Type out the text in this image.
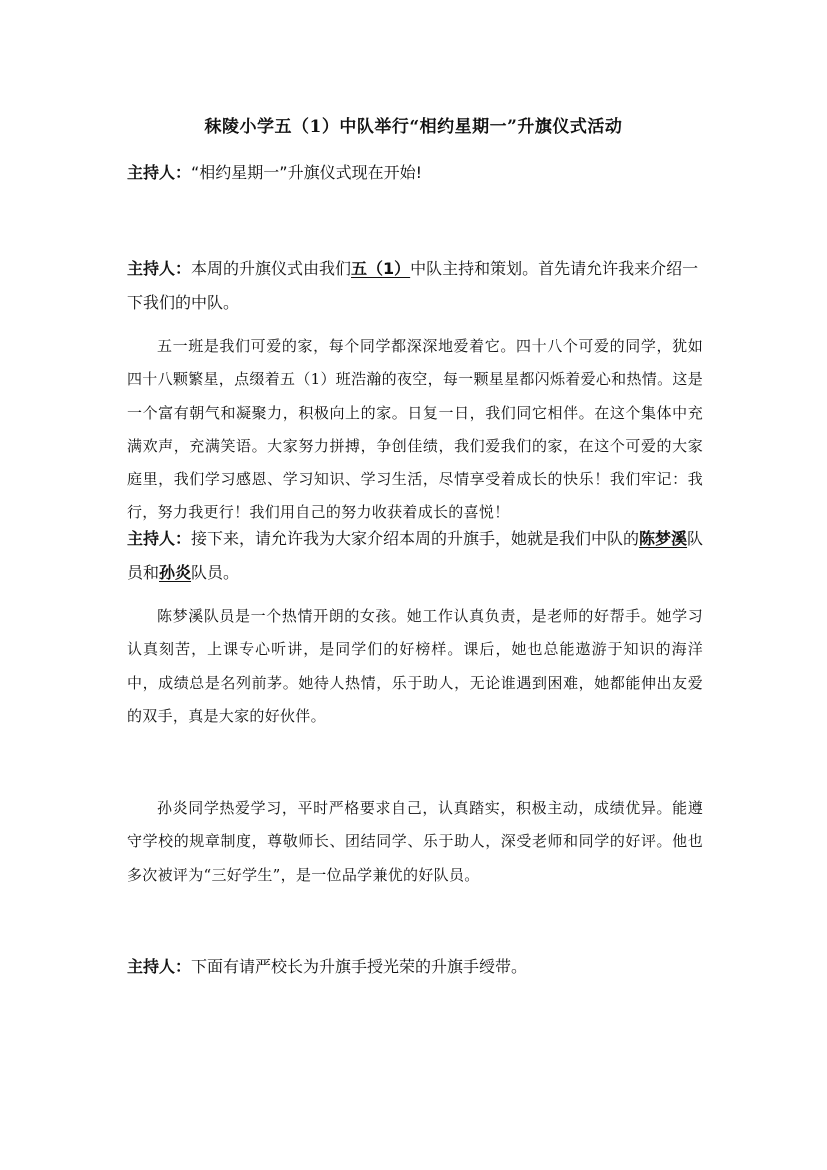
秣陵小学五（1）中队举行“相约星期一”升旗仪式活动
主持人：“相约星期一”升旗仪式现在开始!
主持人：本周的升旗仪式由我们五（1）中队主持和策划。首先请允许我来介绍一下我们的中队。
五一班是我们可爱的家，每个同学都深深地爱着它。四十八个可爱的同学，犹如四十八颗繁星，点缀着五（1）班浩瀚的夜空，每一颗星星都闪烁着爱心和热情。这是一个富有朝气和凝聚力，积极向上的家。日复一日，我们同它相伴。在这个集体中充满欢声，充满笑语。大家努力拼搏，争创佳绩，我们爱我们的家，在这个可爱的大家庭里，我们学习感恩、学习知识、学习生活，尽情享受着成长的快乐！我们牢记：我行，努力我更行！我们用自己的努力收获着成长的喜悦！
主持人：接下来，请允许我为大家介绍本周的升旗手，她就是我们中队的陈梦溪队员和孙炎队员。
陈梦溪队员是一个热情开朗的女孩。她工作认真负责，是老师的好帮手。她学习认真刻苦，上课专心听讲，是同学们的好榜样。课后，她也总能遨游于知识的海洋中，成绩总是名列前茅。她待人热情，乐于助人，无论谁遇到困难，她都能伸出友爱的双手，真是大家的好伙伴。
孙炎同学热爱学习，平时严格要求自己，认真踏实，积极主动，成绩优异。能遵守学校的规章制度，尊敬师长、团结同学、乐于助人，深受老师和同学的好评。他也多次被评为“三好学生”，是一位品学兼优的好队员。
主持人：下面有请严校长为升旗手授光荣的升旗手绶带。
